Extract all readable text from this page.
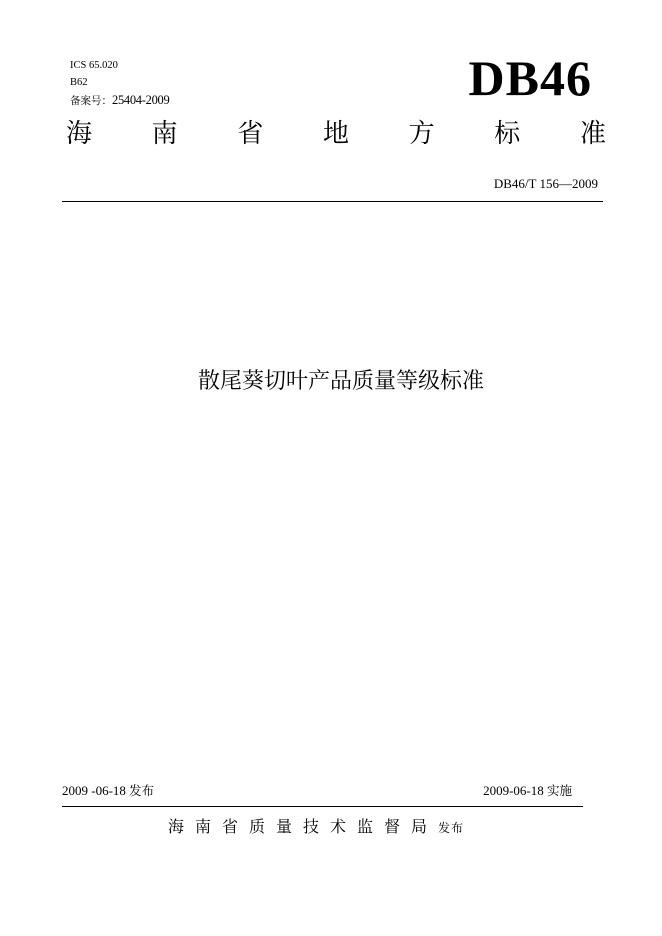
ICS 65.020
B62
备案号：25404-2009	DB46
海 南 省 地 方 标 准
DB46/T 156—2009
散尾葵切叶产品质量等级标准
2009 -06-18 发布	2009-06-18 实施
海南省质量技术监督局发布
